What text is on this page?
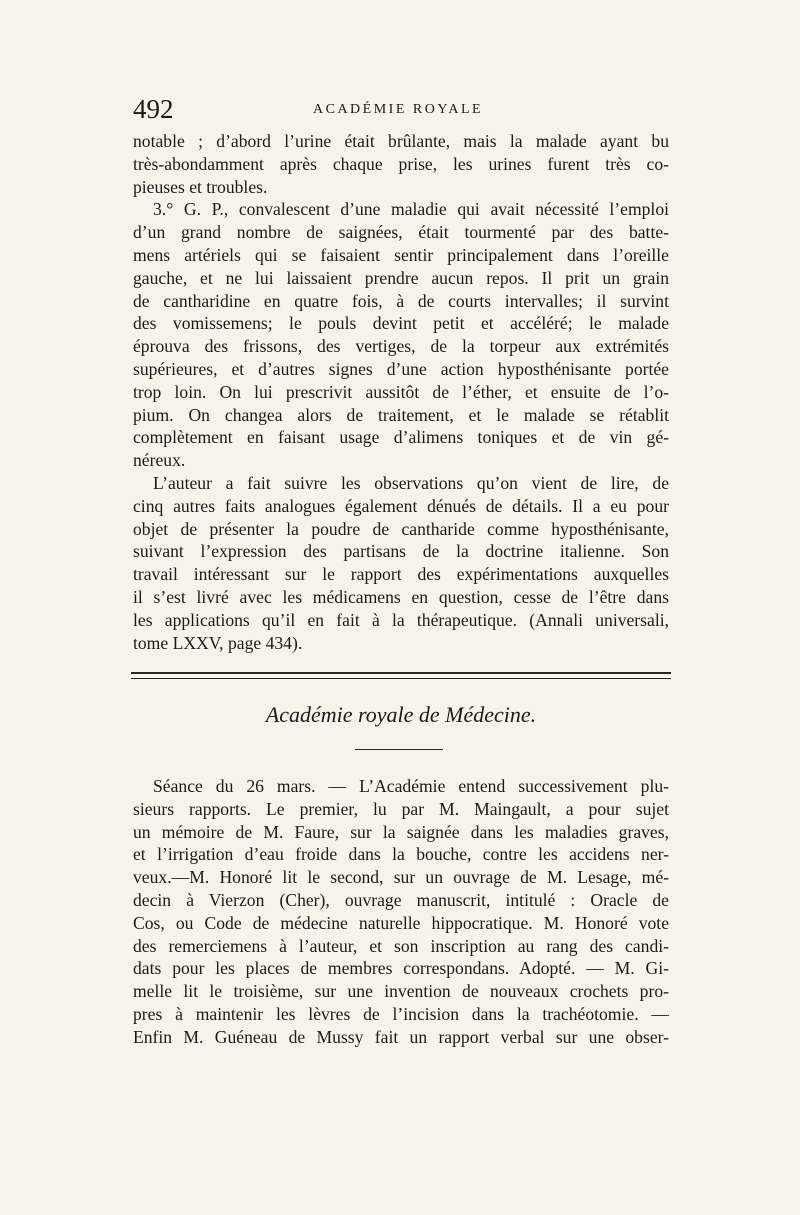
492	ACADÉMIE ROYALE
notable ; d’abord l’urine était brûlante, mais la malade ayant bu
très-abondamment après chaque prise, les urines furent très co-
pieuses et troubles.
3.° G. P., convalescent d’une maladie qui avait nécessité l’emploi
d’un grand nombre de saignées, était tourmenté par des batte-
mens artériels qui se faisaient sentir principalement dans l’oreille
gauche, et ne lui laissaient prendre aucun repos. Il prit un grain
de cantharidine en quatre fois, à de courts intervalles; il survint
des vomissemens; le pouls devint petit et accéléré; le malade
éprouva des frissons, des vertiges, de la torpeur aux extrémités
supérieures, et d’autres signes d’une action hyposthénisante portée
trop loin. On lui prescrivit aussitôt de l’éther, et ensuite de l’o-
pium. On changea alors de traitement, et le malade se rétablit
complètement en faisant usage d’alimens toniques et de vin gé-
néreux.
L’auteur a fait suivre les observations qu’on vient de lire, de
cinq autres faits analogues également dénués de détails. Il a eu pour
objet de présenter la poudre de cantharide comme hyposthénisante,
suivant l’expression des partisans de la doctrine italienne. Son
travail intéressant sur le rapport des expérimentations auxquelles
il s’est livré avec les médicamens en question, cesse de l’être dans
les applications qu’il en fait à la thérapeutique. (Annali universali,
tome LXXV, page 434).
Académie royale de Médecine.
Séance du 26 mars. — L’Académie entend successivement plu-
sieurs rapports. Le premier, lu par M. Maingault, a pour sujet
un mémoire de M. Faure, sur la saignée dans les maladies graves,
et l’irrigation d’eau froide dans la bouche, contre les accidens ner-
veux.—M. Honoré lit le second, sur un ouvrage de M. Lesage, mé-
decin à Vierzon (Cher), ouvrage manuscrit, intitulé : Oracle de
Cos, ou Code de médecine naturelle hippocratique. M. Honoré vote
des remerciemens à l’auteur, et son inscription au rang des candi-
dats pour les places de membres correspondans. Adopté. — M. Gi-
melle lit le troisième, sur une invention de nouveaux crochets pro-
pres à maintenir les lèvres de l’incision dans la trachéotomie. —
Enfin M. Guéneau de Mussy fait un rapport verbal sur une obser-
